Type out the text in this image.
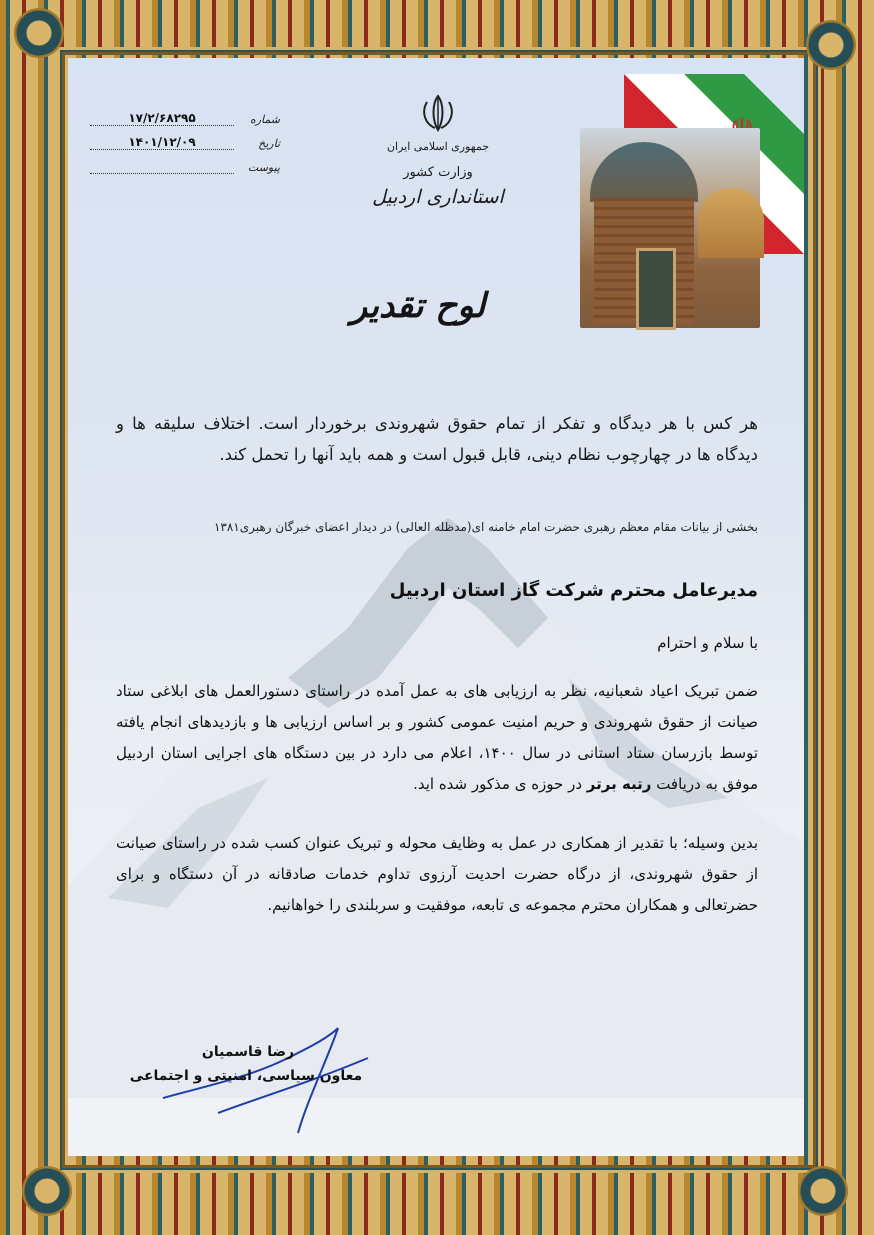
جمهوری اسلامی ایران
وزارت کشور
استانداری اردبیل
شماره
۱۷/۲/۶۸۲۹۵
تاریخ
۱۴۰۱/۱۲/۰۹
پیوست
لوح تقدیر
هر کس با هر دیدگاه و تفکر از تمام حقوق شهروندی برخوردار است. اختلاف سلیقه ها و دیدگاه ها در چهارچوب نظام دینی، قابل قبول است و همه باید آنها را تحمل کند.
بخشی از بیانات مقام معظم رهبری حضرت امام خامنه ای(مدظله العالی) در دیدار اعضای خبرگان رهبری۱۳۸۱
مدیرعامل محترم شرکت گاز استان اردبیل
با سلام و احترام
ضمن تبریک اعیاد شعبانیه، نظر به ارزیابی های به عمل آمده در راستای دستورالعمل های ابلاغی ستاد صیانت از حقوق شهروندی و حریم امنیت عمومی کشور و بر اساس ارزیابی ها و بازدیدهای انجام یافته توسط بازرسان ستاد استانی در سال ۱۴۰۰، اعلام می دارد در بین دستگاه های اجرایی استان اردبیل موفق به دریافت رتبه برتر در حوزه ی مذکور شده اید.
بدین وسیله؛ با تقدیر از همکاری در عمل به وظایف محوله و تبریک عنوان کسب شده در راستای صیانت از حقوق شهروندی، از درگاه حضرت احدیت آرزوی تداوم خدمات صادقانه در آن دستگاه و برای حضرتعالی و همکاران محترم مجموعه ی تابعه، موفقیت و سربلندی را خواهانیم.
رضا قاسمیان
معاون سیاسی، امنیتی و اجتماعی
